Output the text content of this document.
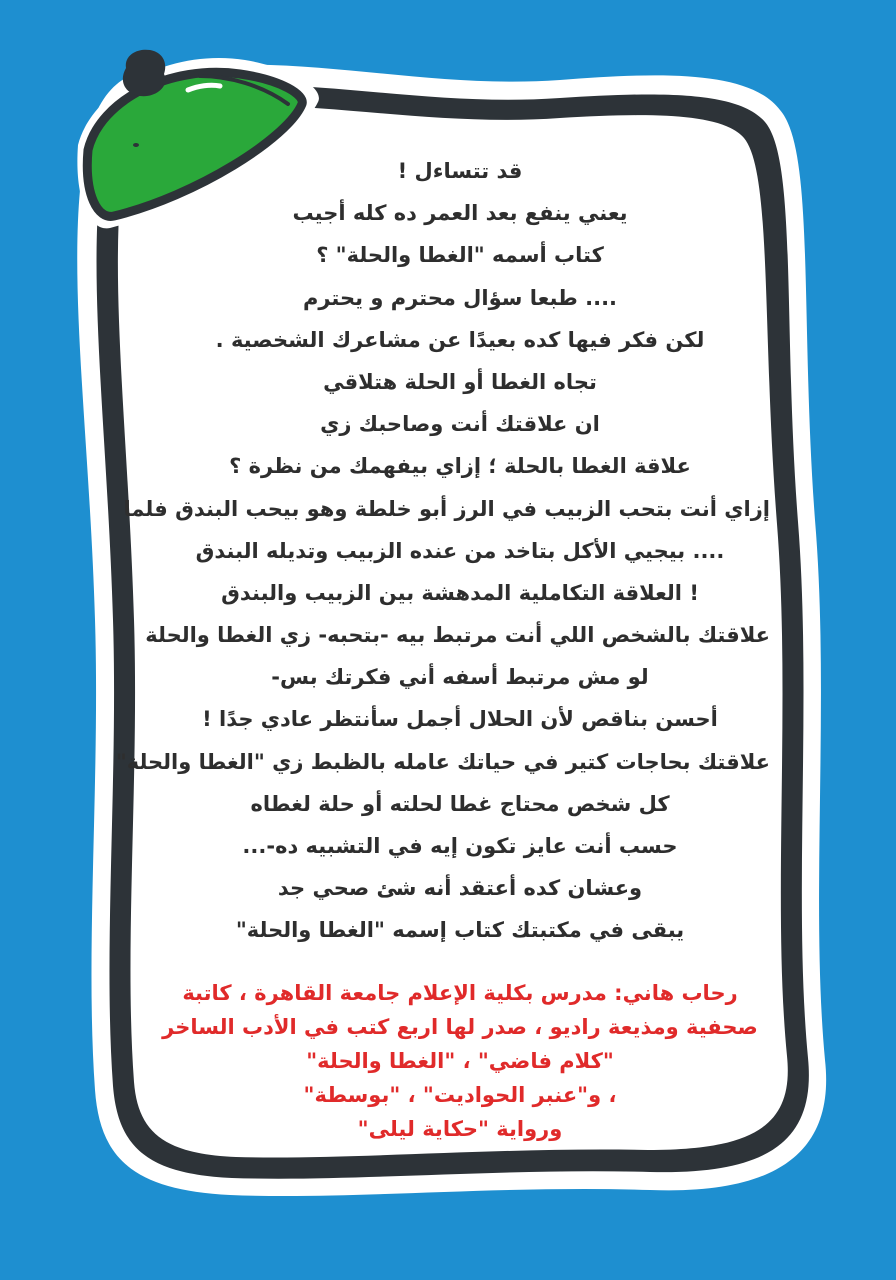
قد تتساءل !
يعني ينفع بعد العمر ده كله أجيب
كتاب أسمه "الغطا والحلة" ؟
.... طبعا سؤال محترم و يحترم
لكن فكر فيها كده بعيدًا عن مشاعرك الشخصية .
تجاه الغطا أو الحلة هتلاقي
ان علاقتك أنت وصاحبك زي
علاقة الغطا بالحلة ؛ إزاي بيفهمك من نظرة ؟
إزاي أنت بتحب الزبيب في الرز أبو خلطة وهو بيحب البندق فلما
.... بيجيي الأكل بتاخد من عنده الزبيب وتديله البندق
! العلاقة التكاملية المدهشة بين الزبيب والبندق
علاقتك بالشخص اللي أنت مرتبط بيه -بتحبه- زي الغطا والحلة
لو مش مرتبط أسفه أني فكرتك بس-
أحسن بناقص لأن الحلال أجمل سأنتظر عادي جدًا !
علاقتك بحاجات كتير في حياتك عامله بالظبط زي "الغطا والحلة"
كل شخص محتاج غطا لحلته أو حلة لغطاه
حسب أنت عايز تكون إيه في التشبيه ده-...
وعشان كده أعتقد أنه شئ صحي جد
يبقى في مكتبتك كتاب إسمه "الغطا والحلة"
رحاب هاني: مدرس بكلية الإعلام جامعة القاهرة ، كاتبة
صحفية ومذيعة راديو ، صدر لها اربع كتب في الأدب الساخر
"كلام فاضي" ، "الغطا والحلة"
، و"عنبر الحواديت" ، "بوسطة"
ورواية "حكاية ليلى"
